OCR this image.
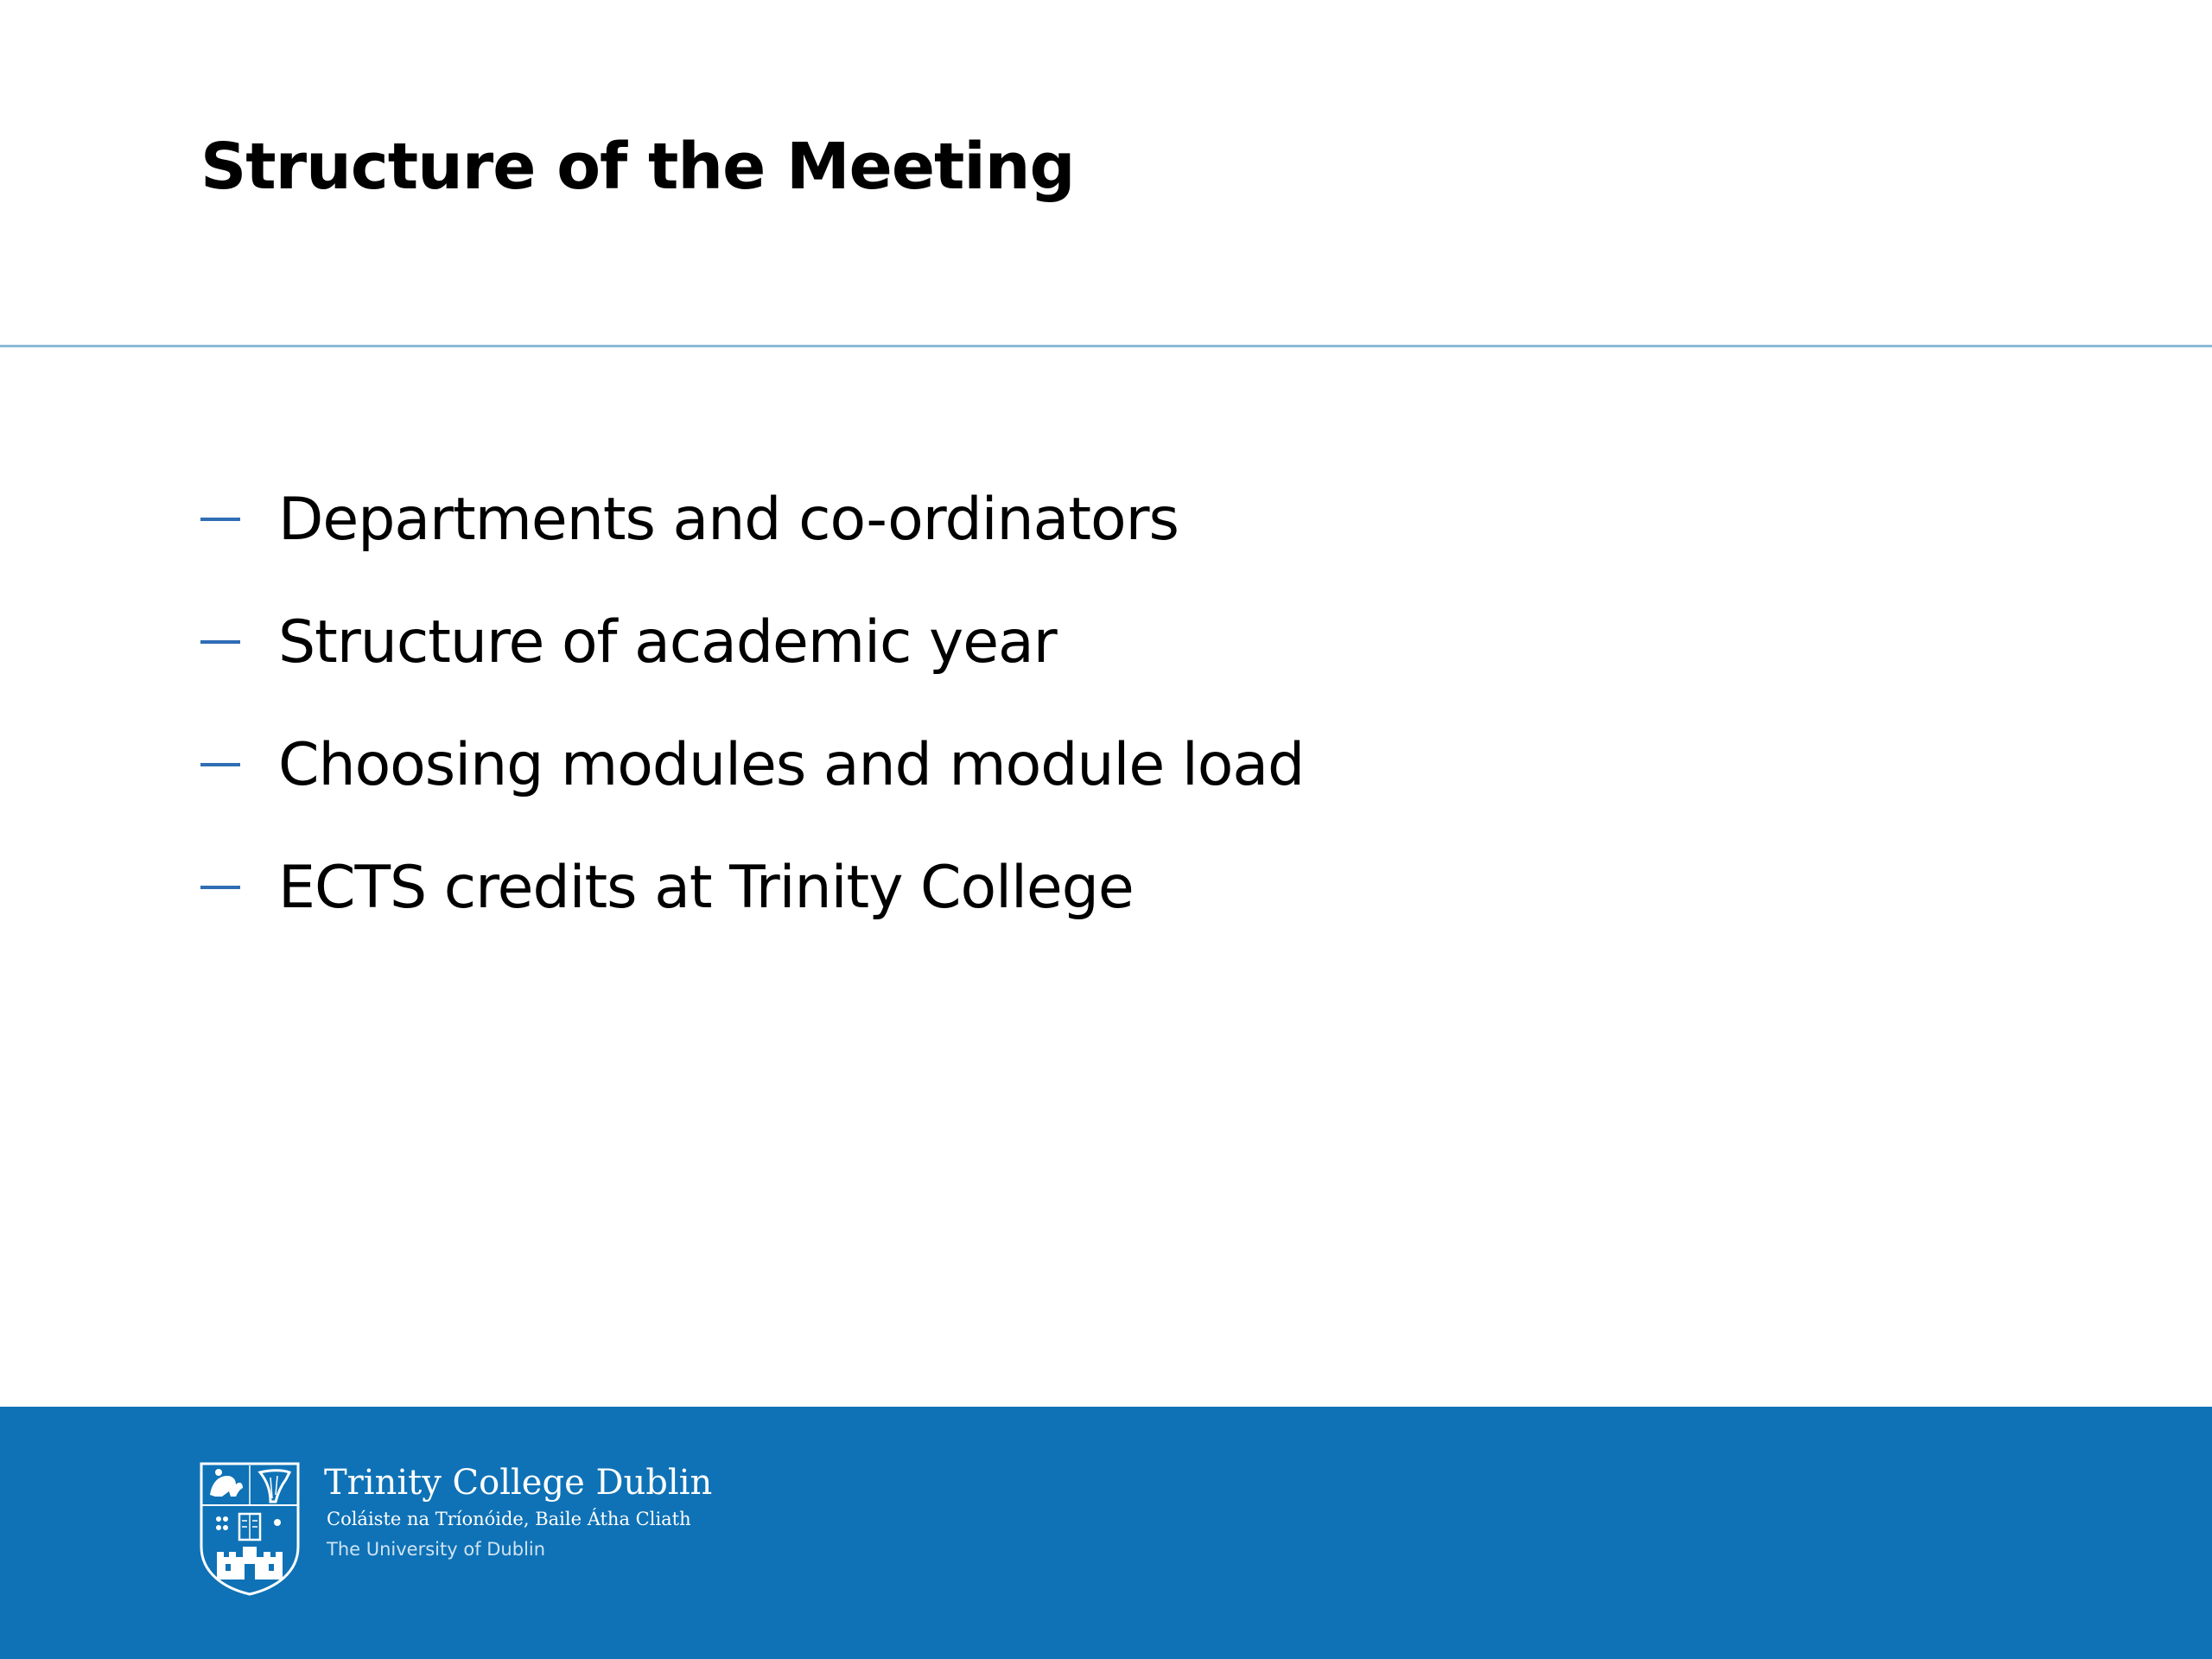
Structure of the Meeting
Departments and co-ordinators
Structure of academic year
Choosing modules and module load
ECTS credits at Trinity College
Trinity College Dublin
Coláiste na Tríonóide, Baile Átha Cliath
The University of Dublin
